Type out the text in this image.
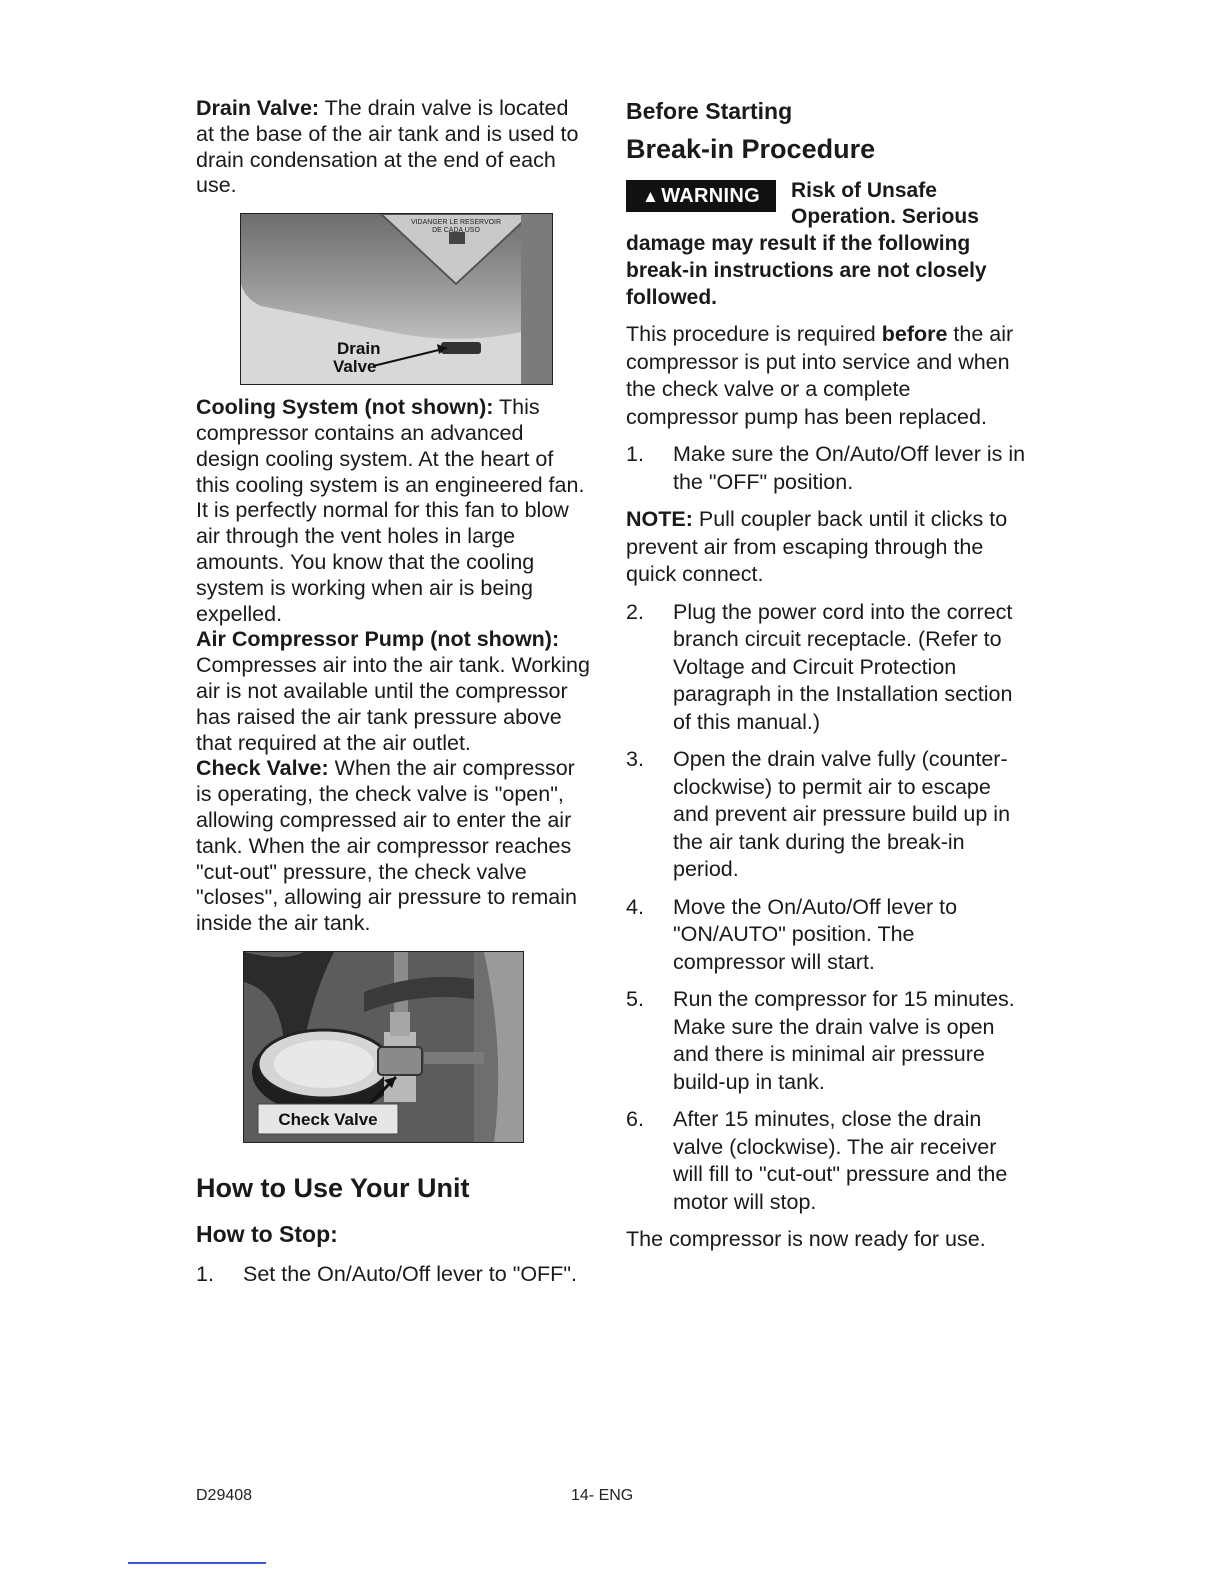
Drain Valve: The drain valve is located at the base of the air tank and is used to drain condensation at the end of each use.

VIDANGER LE RESERVOIR
DE CADA USO
Drain
Valve

Cooling System (not shown): This compressor contains an advanced design cooling system. At the heart of this cooling system is an engineered fan. It is perfectly normal for this fan to blow air through the vent holes in large amounts. You know that the cooling system is working when air is being expelled.

Air Compressor Pump (not shown): Compresses air into the air tank. Working air is not available until the compressor has raised the air tank pressure above that required at the air outlet.

Check Valve: When the air compressor is operating, the check valve is "open", allowing compressed air to enter the air tank. When the air compressor reaches "cut-out" pressure, the check valve "closes", allowing air pressure to remain inside the air tank.

Check Valve
How to Use Your Unit
How to Stop:
1. Set the On/Auto/Off lever to "OFF".
Before Starting
Break-in Procedure
▲ WARNING	Risk of Unsafe Operation. Serious
damage may result if the following break-in instructions are not closely followed.

This procedure is required before the air compressor is put into service and when the check valve or a complete compressor pump has been replaced.

1. Make sure the On/Auto/Off lever is in the "OFF" position.

NOTE: Pull coupler back until it clicks to prevent air from escaping through the quick connect.

2. Plug the power cord into the correct branch circuit receptacle. (Refer to Voltage and Circuit Protection paragraph in the Installation section of this manual.)
3. Open the drain valve fully (counter-clockwise) to permit air to escape and prevent air pressure build up in the air tank during the break-in period.
4. Move the On/Auto/Off lever to "ON/AUTO" position. The compressor will start.
5. Run the compressor for 15 minutes. Make sure the drain valve is open and there is minimal air pressure build-up in tank.
6. After 15 minutes, close the drain valve (clockwise). The air receiver will fill to "cut-out" pressure and the motor will stop.

The compressor is now ready for use.

D29408	14- ENG
